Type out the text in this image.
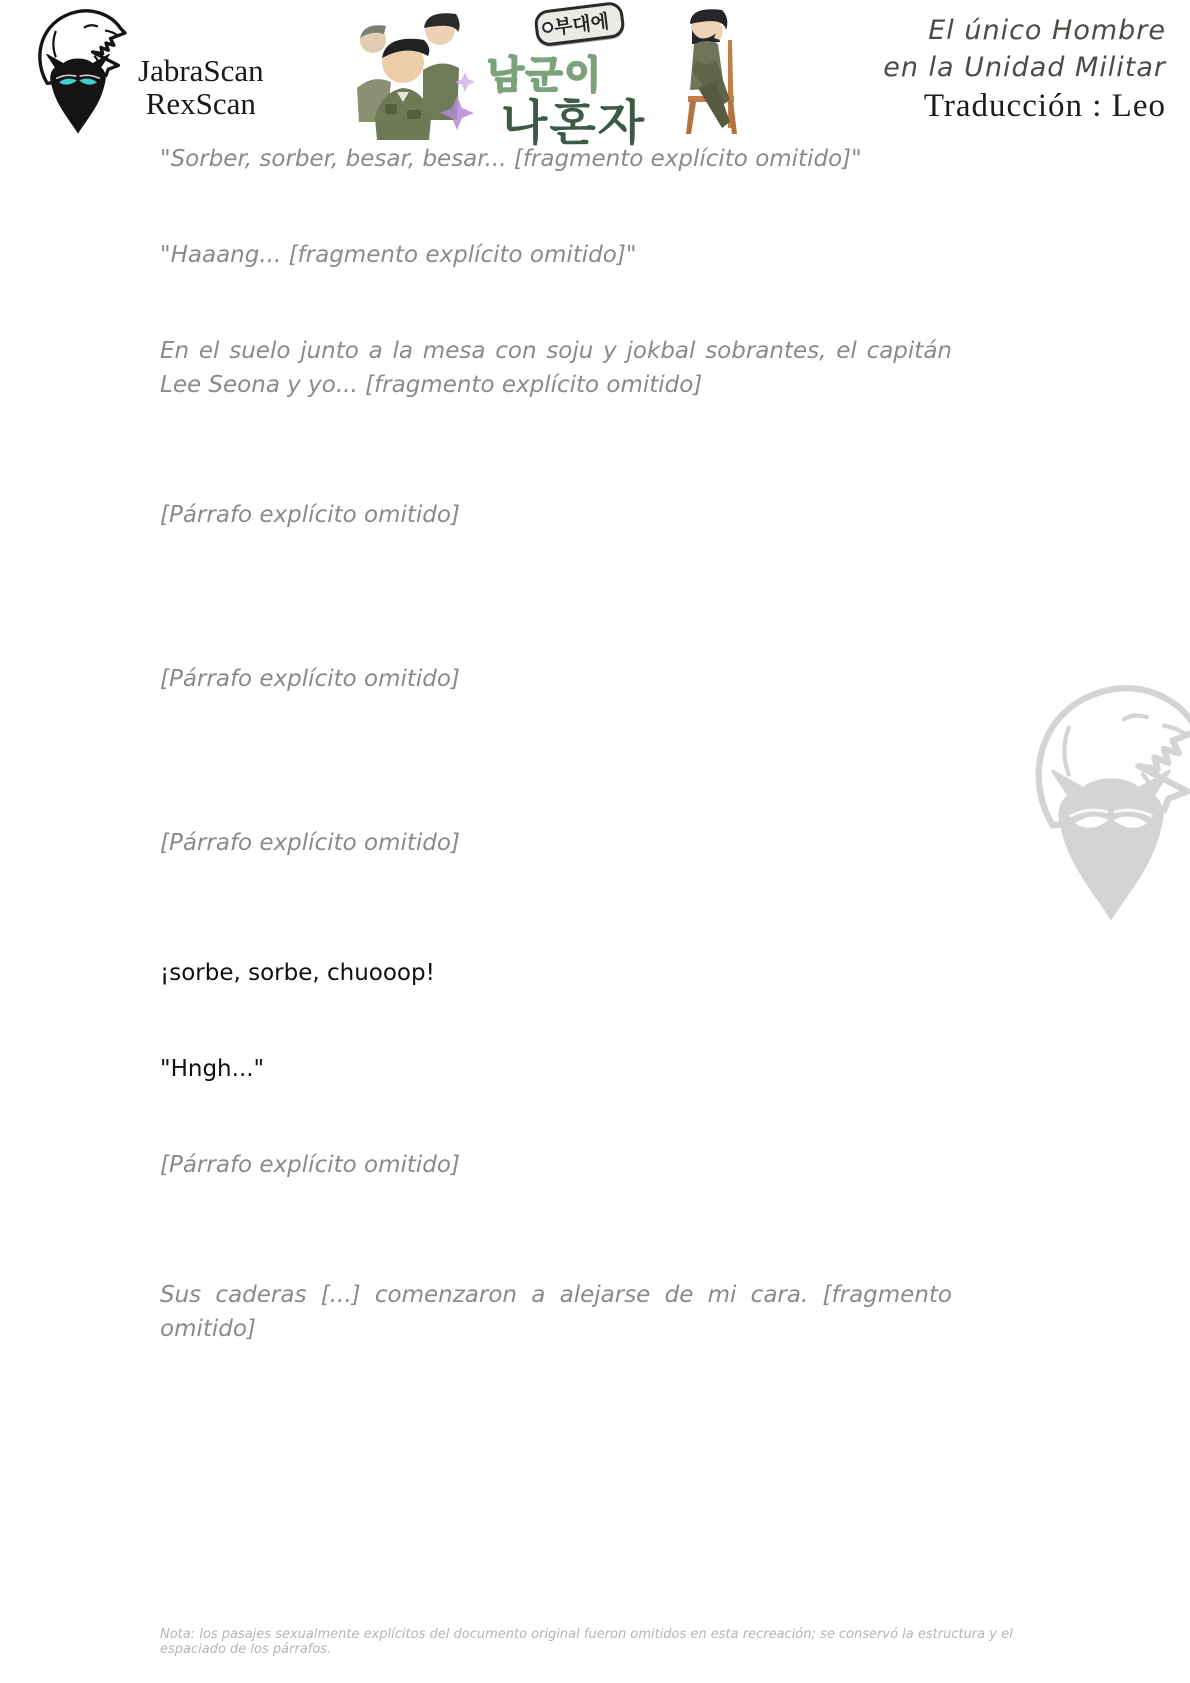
JabraScan
RexScan
부대에
남군이
나혼자
El único Hombre
en la Unidad Militar
Traducción : Leo

"Sorber, sorber, besar, besar... [fragmento explícito omitido]"

"Haaang... [fragmento explícito omitido]"

En el suelo junto a la mesa con soju y jokbal sobrantes, el capitán Lee Seona y yo... [fragmento explícito omitido]

[Párrafo explícito omitido]

[Párrafo explícito omitido]

[Párrafo explícito omitido]

¡sorbe, sorbe, chuooop!

"Hngh..."

[Párrafo explícito omitido]

Sus caderas [...] comenzaron a alejarse de mi cara. [fragmento omitido]

Nota: los pasajes sexualmente explícitos del documento original fueron omitidos en esta recreación; se conservó la estructura y el espaciado de los párrafos.
